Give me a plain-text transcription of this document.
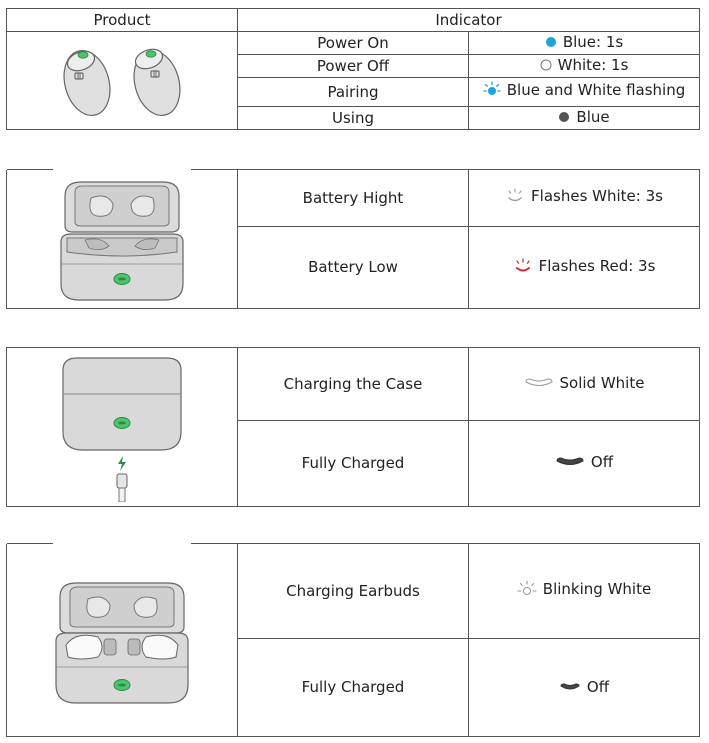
Product	Indicator	

	Power On	Blue: 1s

	Power Off	White: 1s

	Pairing	Blue and White flashing

	Using	Blue
	Battery Hight	Flashes White: 3s

	Battery Low	Flashes Red: 3s
	Charging the Case	Solid White

	Fully Charged	Off
	Charging Earbuds	Blinking White

	Fully Charged	Off
